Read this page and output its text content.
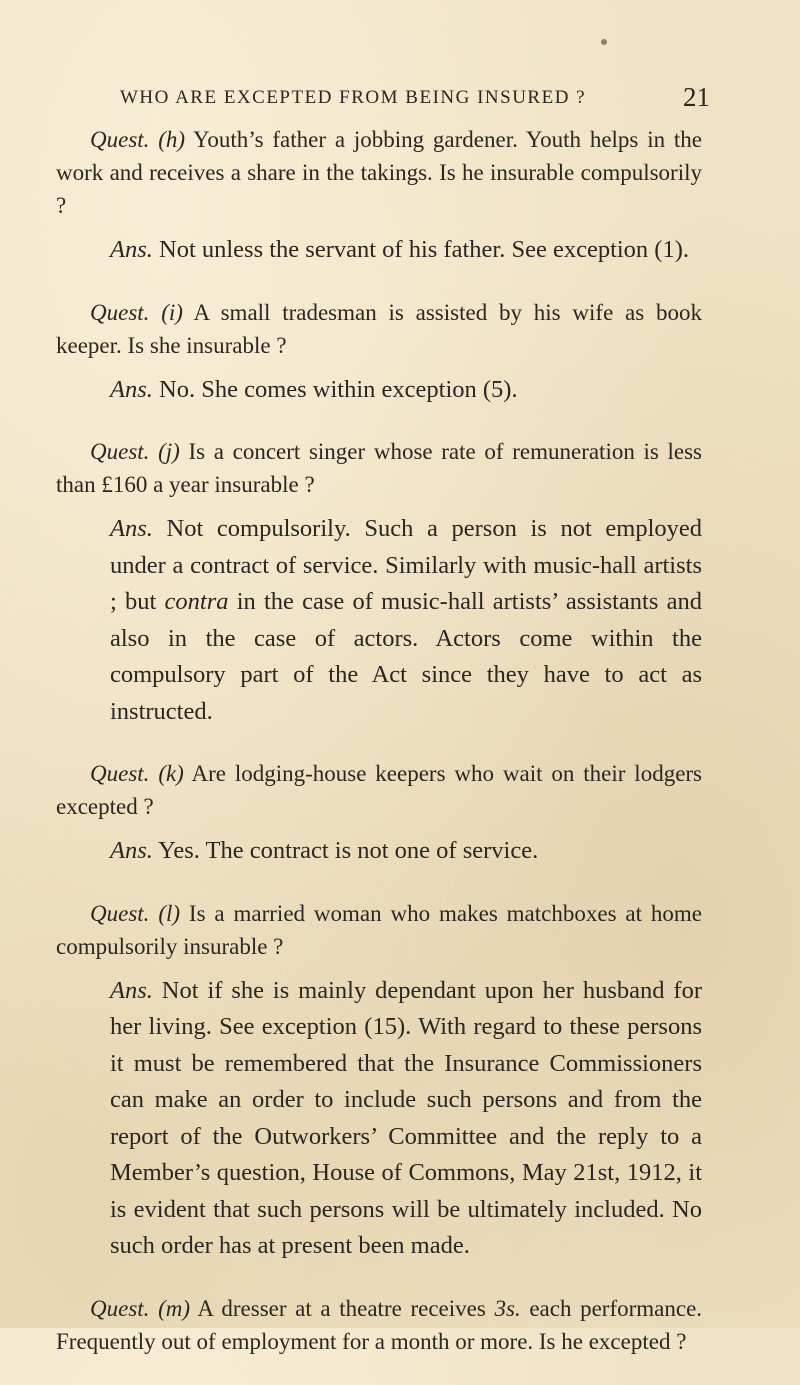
WHO ARE EXCEPTED FROM BEING INSURED ?	21

Quest. (h) Youth’s father a jobbing gardener. Youth helps in the work and receives a share in the takings. Is he insurable compulsorily ?

Ans. Not unless the servant of his father. See exception (1).

Quest. (i) A small tradesman is assisted by his wife as book keeper. Is she insurable ?

Ans. No. She comes within exception (5).

Quest. (j) Is a concert singer whose rate of remuneration is less than £160 a year insurable ?

Ans. Not compulsorily. Such a person is not employed under a contract of service. Similarly with music-hall artists ; but contra in the case of music-hall artists’ assistants and also in the case of actors. Actors come within the compulsory part of the Act since they have to act as instructed.

Quest. (k) Are lodging-house keepers who wait on their lodgers excepted ?

Ans. Yes. The contract is not one of service.

Quest. (l) Is a married woman who makes matchboxes at home compulsorily insurable ?

Ans. Not if she is mainly dependant upon her husband for her living. See exception (15). With regard to these persons it must be remembered that the Insurance Commissioners can make an order to include such persons and from the report of the Outworkers’ Committee and the reply to a Member’s question, House of Commons, May 21st, 1912, it is evident that such persons will be ultimately included. No such order has at present been made.

Quest. (m) A dresser at a theatre receives 3s. each performance. Frequently out of employment for a month or more. Is he excepted ?
